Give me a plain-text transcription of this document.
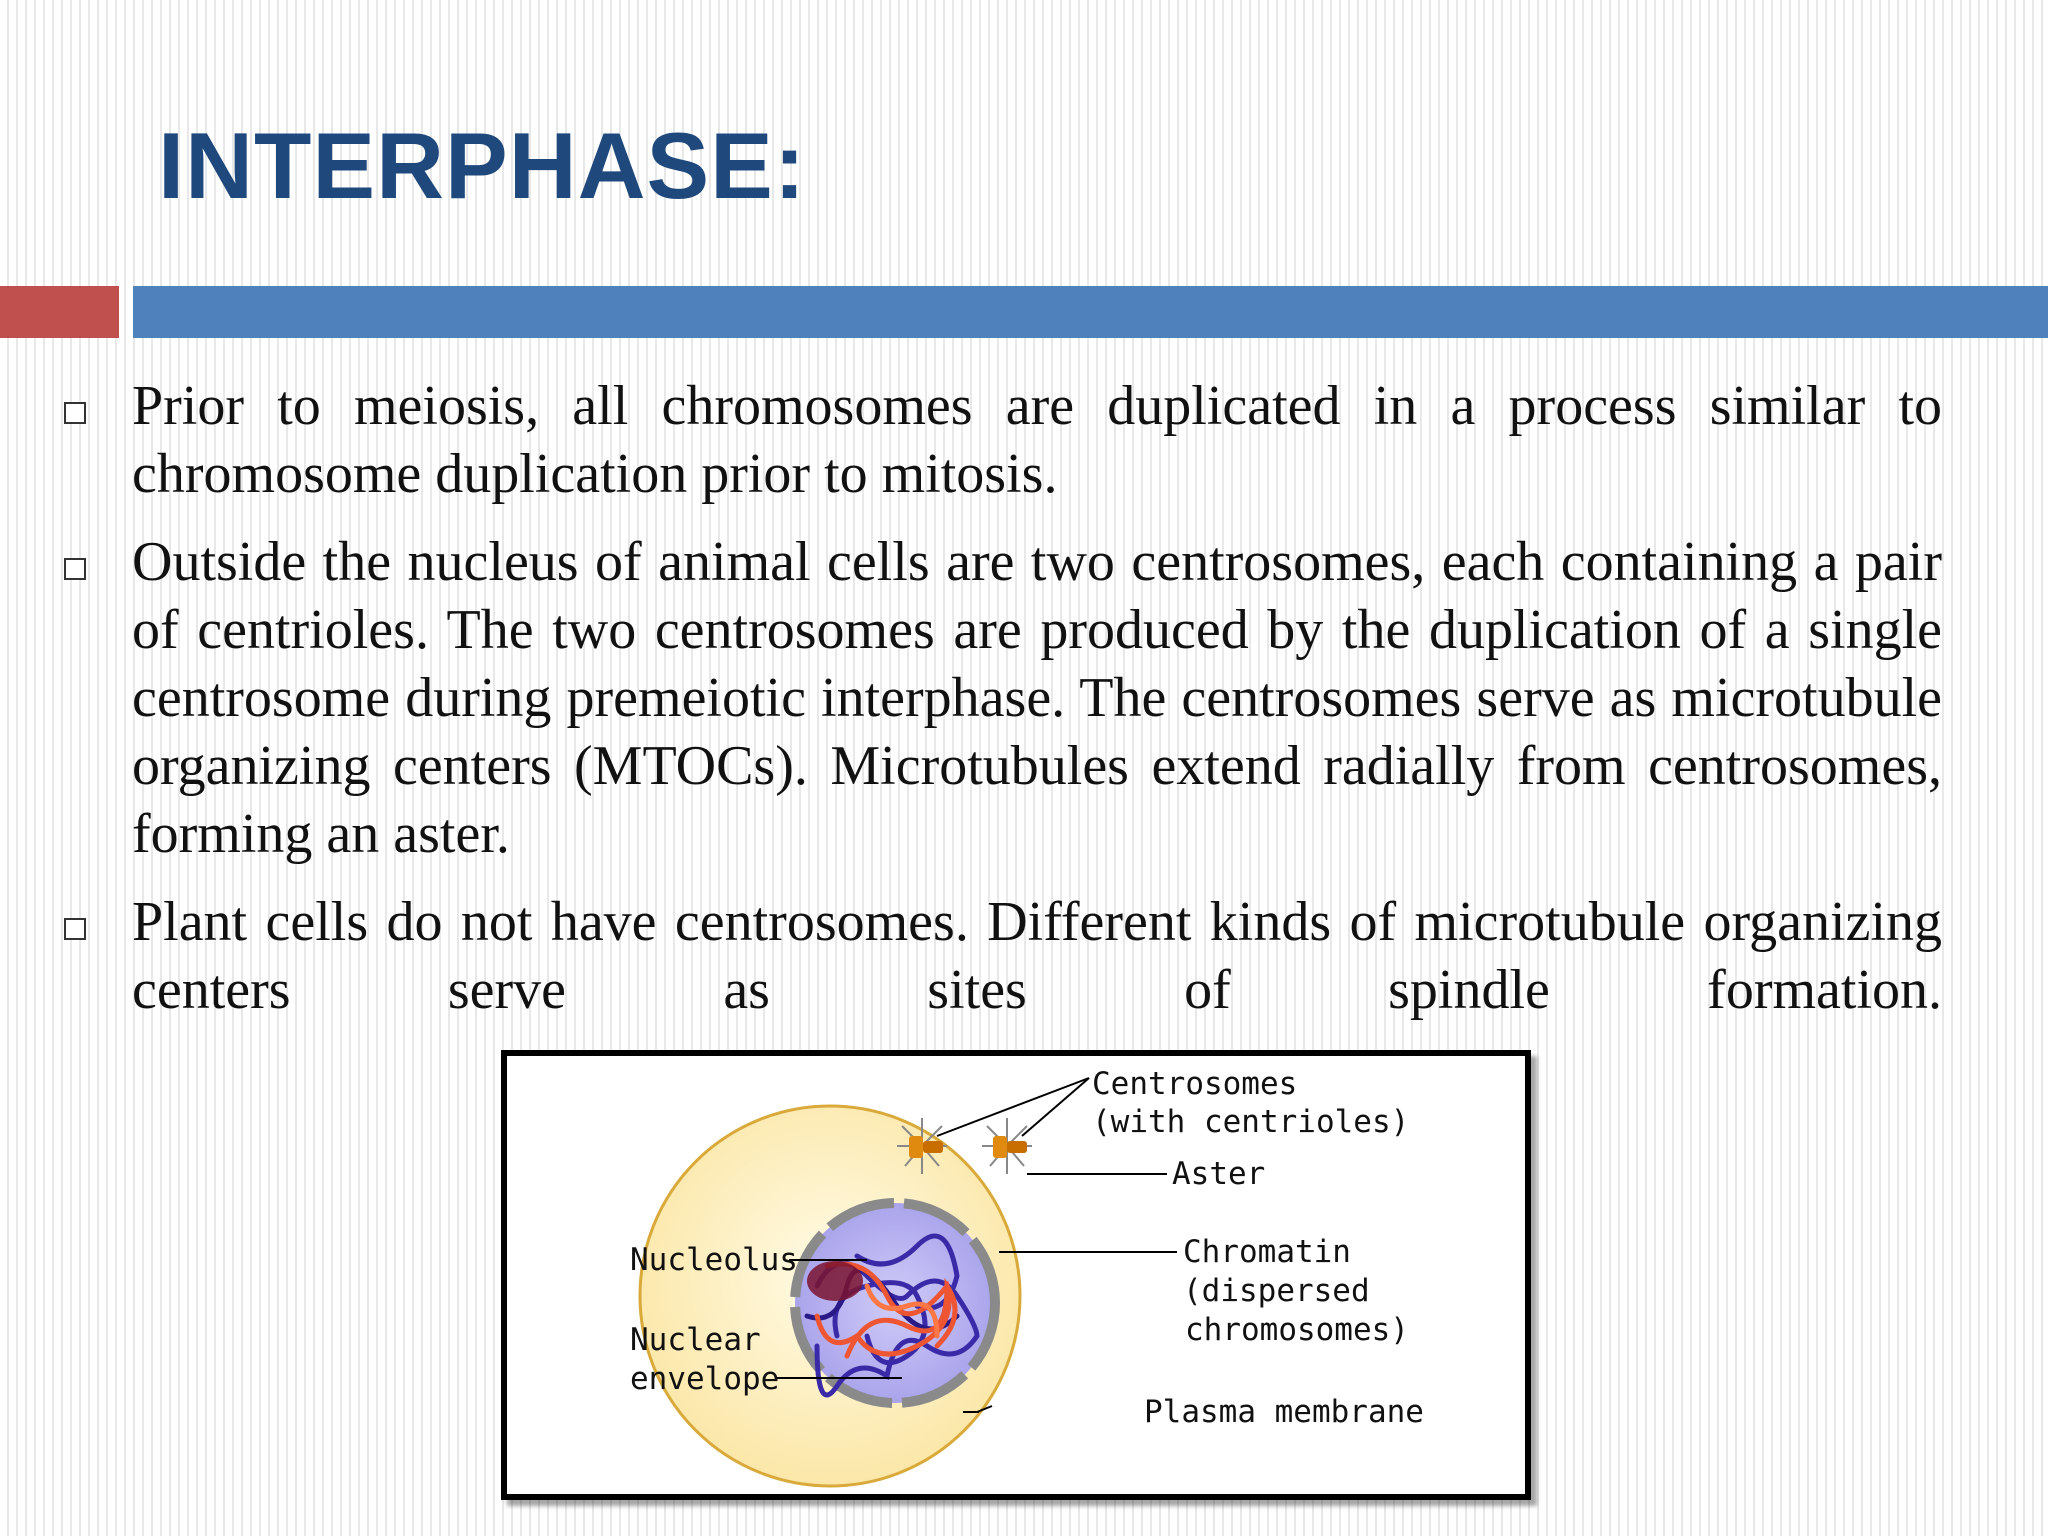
INTERPHASE:

Prior to meiosis, all chromosomes are duplicated in a process similar to chromosome duplication prior to mitosis.

Outside the nucleus of animal cells are two centrosomes, each containing a pair of centrioles. The two centrosomes are produced by the duplication of a single centrosome during premeiotic interphase. The centrosomes serve as microtubule organizing centers (MTOCs). Microtubules extend radially from centrosomes, forming an aster.

Plant cells do not have centrosomes. Different kinds of microtubule organizing centers serve as sites of spindle formation.

Centrosomes
(with centrioles)
Aster
Nucleolus	Chromatin
(dispersed
chromosomes)
Nuclear
envelope
Plasma membrane
